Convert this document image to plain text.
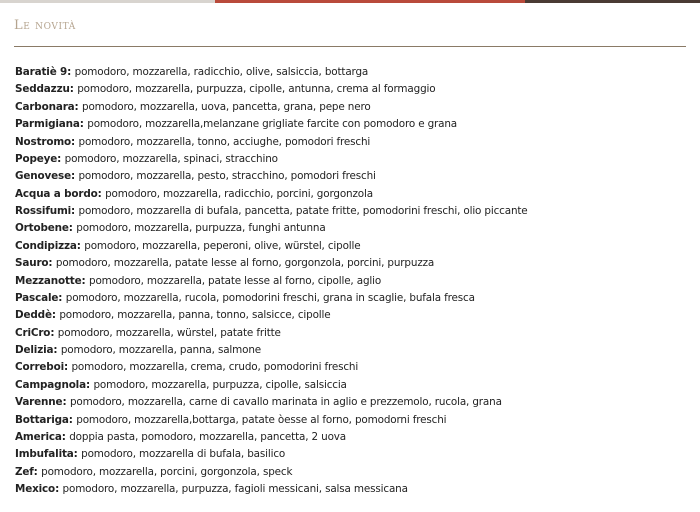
Le novità
Baratiè 9: pomodoro, mozzarella, radicchio, olive, salsiccia, bottarga
Seddazzu: pomodoro, mozzarella, purpuzza, cipolle, antunna, crema al formaggio
Carbonara: pomodoro, mozzarella, uova, pancetta, grana, pepe nero
Parmigiana: pomodoro, mozzarella,melanzane grigliate farcite con pomodoro e grana
Nostromo: pomodoro, mozzarella, tonno, acciughe, pomodori freschi
Popeye: pomodoro, mozzarella, spinaci, stracchino
Genovese: pomodoro, mozzarella, pesto, stracchino, pomodori freschi
Acqua a bordo: pomodoro, mozzarella, radicchio, porcini, gorgonzola
Rossifumi: pomodoro, mozzarella di bufala, pancetta, patate fritte, pomodorini freschi, olio piccante
Ortobene: pomodoro, mozzarella, purpuzza, funghi antunna
Condipizza: pomodoro, mozzarella, peperoni, olive, würstel, cipolle
Sauro: pomodoro, mozzarella, patate lesse al forno, gorgonzola, porcini, purpuzza
Mezzanotte: pomodoro, mozzarella, patate lesse al forno, cipolle, aglio
Pascale: pomodoro, mozzarella, rucola, pomodorini freschi, grana in scaglie, bufala fresca
Deddè: pomodoro, mozzarella, panna, tonno, salsicce, cipolle
CriCro: pomodoro, mozzarella, würstel, patate fritte
Delizia: pomodoro, mozzarella, panna, salmone
Correboi: pomodoro, mozzarella, crema, crudo, pomodorini freschi
Campagnola: pomodoro, mozzarella, purpuzza, cipolle, salsiccia
Varenne: pomodoro, mozzarella, carne di cavallo marinata in aglio e prezzemolo, rucola, grana
Bottariga: pomodoro, mozzarella,bottarga, patate òesse al forno, pomodorni freschi
America: doppia pasta, pomodoro, mozzarella, pancetta, 2 uova
Imbufalita: pomodoro, mozzarella di bufala, basilico
Zef: pomodoro, mozzarella, porcini, gorgonzola, speck
Mexico: pomodoro, mozzarella, purpuzza, fagioli messicani, salsa messicana
